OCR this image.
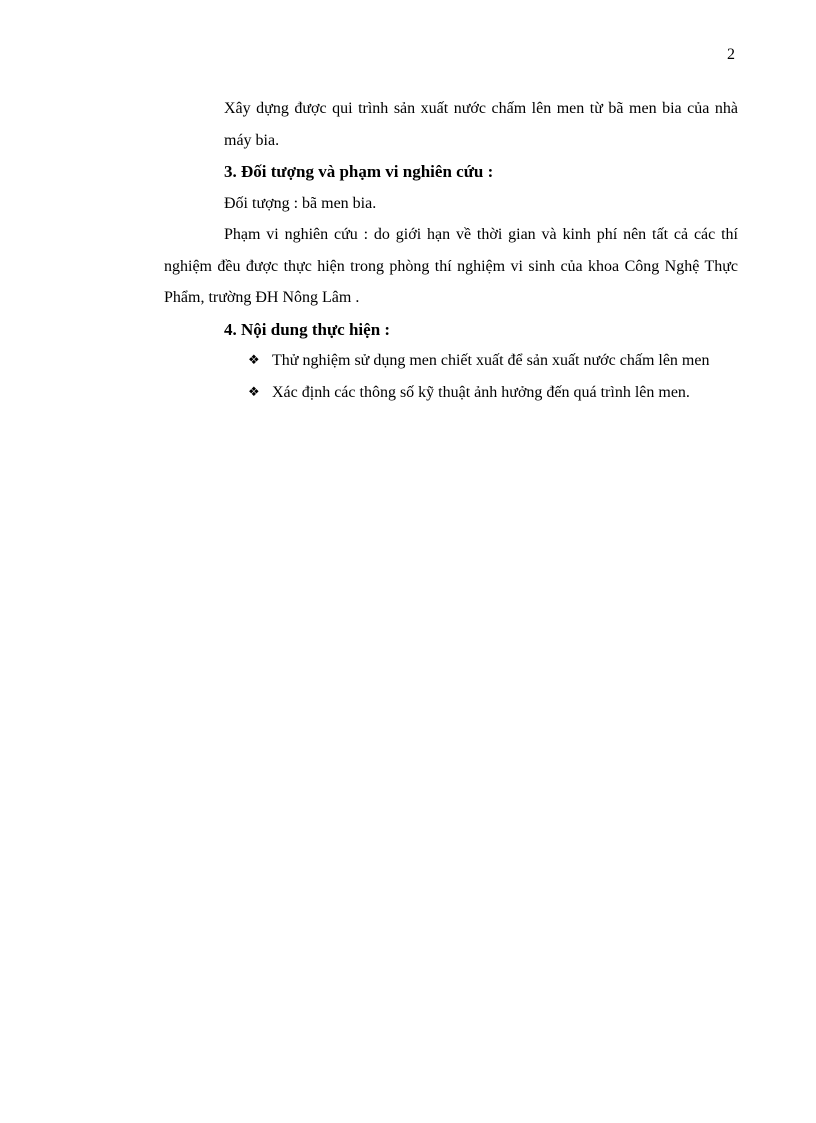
2

Xây dựng được qui trình sản xuất nước chấm lên men từ bã men bia của nhà máy bia.

3. Đối tượng và phạm vi nghiên cứu :

Đối tượng : bã men bia.

Phạm vi nghiên cứu : do giới hạn về thời gian và kinh phí nên tất cả các thí nghiệm đều được thực hiện trong phòng thí nghiệm vi sinh của khoa Công Nghệ Thực Phẩm, trường ĐH Nông Lâm .

4. Nội dung thực hiện :
❖ Thử nghiệm sử dụng men chiết xuất để sản xuất nước chấm lên men
❖ Xác định các thông số kỹ thuật ảnh hưởng đến quá trình lên men.
